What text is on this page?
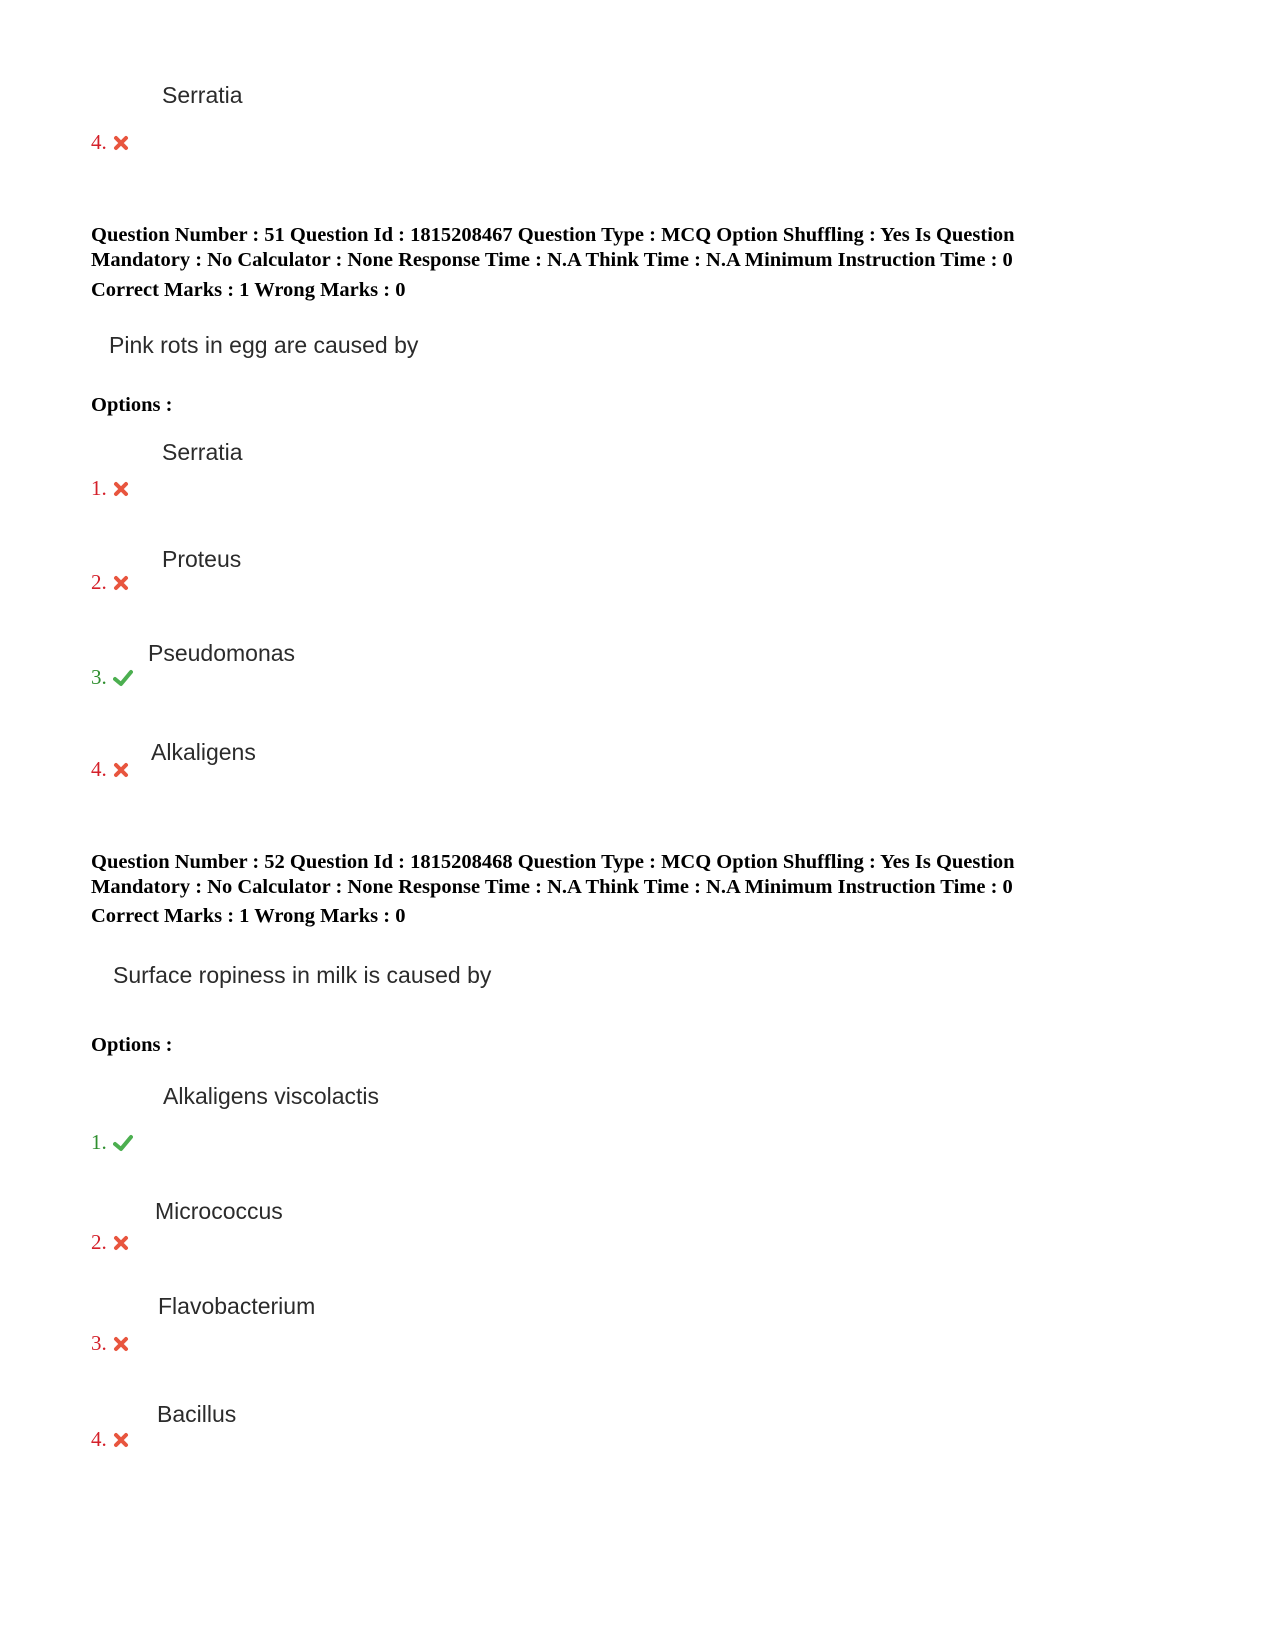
Serratia
4.
Question Number : 51 Question Id : 1815208467 Question Type : MCQ Option Shuffling : Yes Is Question
Mandatory : No Calculator : None Response Time : N.A Think Time : N.A Minimum Instruction Time : 0
Correct Marks : 1 Wrong Marks : 0
Pink rots in egg are caused by
Options :
Serratia
1.
Proteus
2.
Pseudomonas
3.
Alkaligens
4.
Question Number : 52 Question Id : 1815208468 Question Type : MCQ Option Shuffling : Yes Is Question
Mandatory : No Calculator : None Response Time : N.A Think Time : N.A Minimum Instruction Time : 0
Correct Marks : 1 Wrong Marks : 0
Surface ropiness in milk is caused by
Options :
Alkaligens viscolactis
1.
Micrococcus
2.
Flavobacterium
3.
Bacillus
4.
